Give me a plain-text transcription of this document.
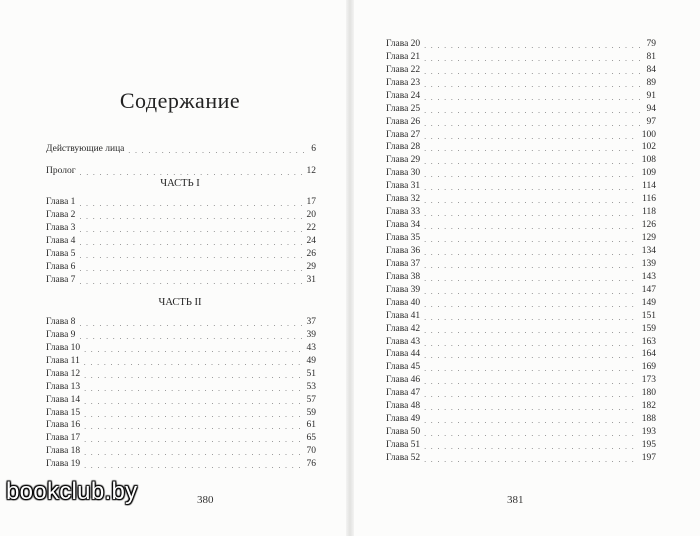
Содержание
Действующие лица . . .	6
Пролог . . .	12
ЧАСТЬ I
Глава 1 . . .	17
Глава 2 . . .	20
Глава 3 . . .	22
Глава 4 . . .	24
Глава 5 . . .	26
Глава 6 . . .	29
Глава 7 . . .	31
ЧАСТЬ II
Глава 8 . . .	37
Глава 9 . . .	39
Глава 10 . . .	43
Глава 11 . . .	49
Глава 12 . . .	51
Глава 13 . . .	53
Глава 14 . . .	57
Глава 15 . . .	59
Глава 16 . . .	61
Глава 17 . . .	65
Глава 18 . . .	70
Глава 19 . . .	76
380
Глава 20 . . .	79
Глава 21 . . .	81
Глава 22 . . .	84
Глава 23 . . .	89
Глава 24 . . .	91
Глава 25 . . .	94
Глава 26 . . .	97
Глава 27 . . .	100
Глава 28 . . .	102
Глава 29 . . .	108
Глава 30 . . .	109
Глава 31 . . .	114
Глава 32 . . .	116
Глава 33 . . .	118
Глава 34 . . .	126
Глава 35 . . .	129
Глава 36 . . .	134
Глава 37 . . .	139
Глава 38 . . .	143
Глава 39 . . .	147
Глава 40 . . .	149
Глава 41 . . .	151
Глава 42 . . .	159
Глава 43 . . .	163
Глава 44 . . .	164
Глава 45 . . .	169
Глава 46 . . .	173
Глава 47 . . .	180
Глава 48 . . .	182
Глава 49 . . .	188
Глава 50 . . .	193
Глава 51 . . .	195
Глава 52 . . .	197
381
bookclub.by
